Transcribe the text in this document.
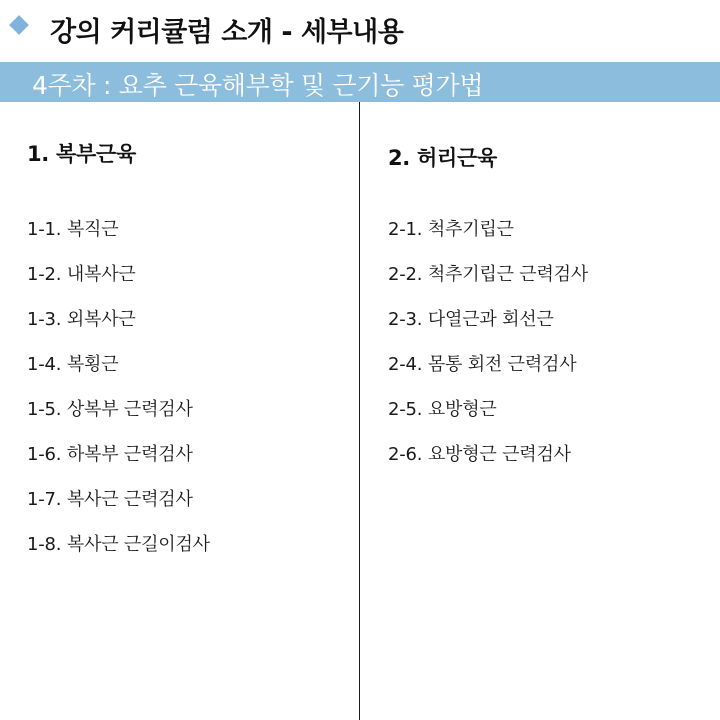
강의 커리큘럼 소개 - 세부내용
4주차 : 요추 근육해부학 및 근기능 평가법
1. 복부근육
1-1. 복직근
1-2. 내복사근
1-3. 외복사근
1-4. 복횡근
1-5. 상복부 근력검사
1-6. 하복부 근력검사
1-7. 복사근 근력검사
1-8. 복사근 근길이검사
2. 허리근육
2-1. 척추기립근
2-2. 척추기립근 근력검사
2-3. 다열근과 회선근
2-4. 몸통 회전 근력검사
2-5. 요방형근
2-6. 요방형근 근력검사
